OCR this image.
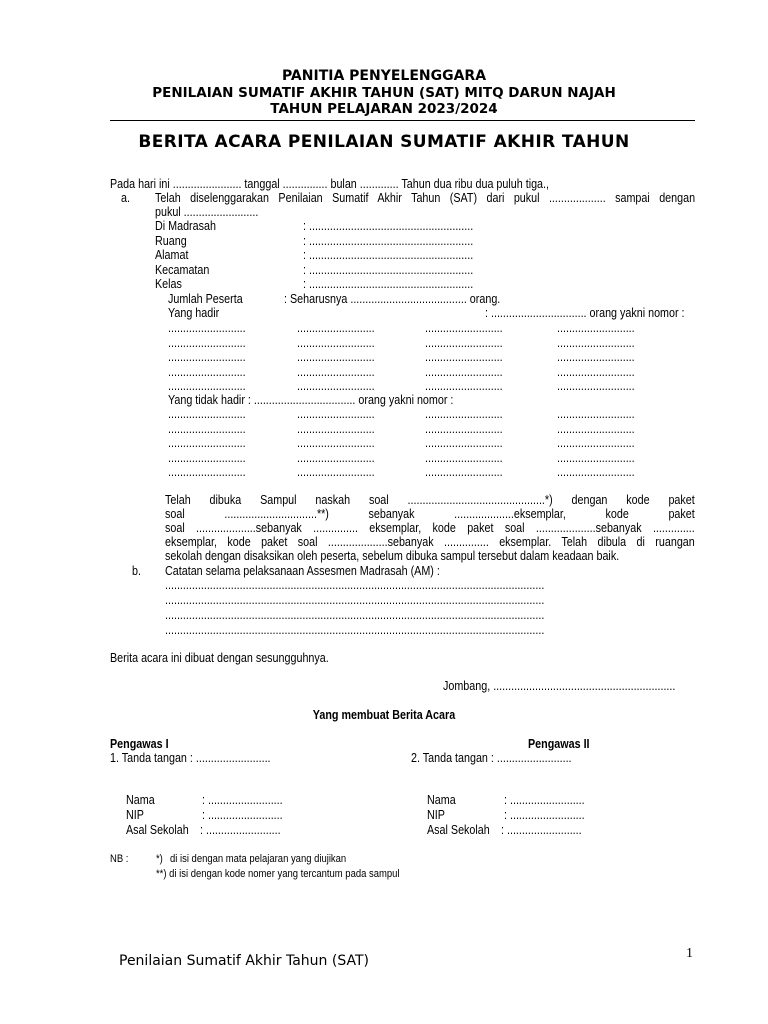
PANITIA PENYELENGGARA
PENILAIAN SUMATIF AKHIR TAHUN (SAT) MITQ DARUN NAJAH
TAHUN PELAJARAN 2023/2024
BERITA ACARA PENILAIAN SUMATIF AKHIR TAHUN
Pada hari ini ....................... tanggal ............... bulan ............. Tahun dua ribu dua puluh tiga.,
a. Telah diselenggarakan Penilaian Sumatif Akhir Tahun (SAT) dari pukul ................... sampai dengan
pukul .........................
Di Madrasah	: .......................................................
Ruang	: .......................................................
Alamat	: .......................................................
Kecamatan	: .......................................................
Kelas	: .......................................................
Jumlah Peserta	: Seharusnya ....................................... orang.
Yang hadir	: ................................ orang yakni nomor :
..........................	..........................	..........................	..........................
..........................	..........................	..........................	..........................
..........................	..........................	..........................	..........................
..........................	..........................	..........................	..........................
..........................	..........................	..........................	..........................
Yang tidak hadir : .................................. orang yakni nomor :
..........................	..........................	..........................	..........................
..........................	..........................	..........................	..........................
..........................	..........................	..........................	..........................
..........................	..........................	..........................	..........................
..........................	..........................	..........................	..........................
Telah dibuka Sampul naskah soal ..............................................*) dengan kode paket
soal ...............................**) sebanyak ....................eksemplar, kode paket
soal ....................sebanyak ............... eksemplar, kode paket soal ....................sebanyak ..............
eksemplar, kode paket soal ....................sebanyak ............... eksemplar. Telah dibula di ruangan
sekolah dengan disaksikan oleh peserta, sebelum dibuka sampul tersebut dalam keadaan baik.
b. Catatan selama pelaksanaan Assesmen Madrasah (AM) :
...............................................................................................................................
...............................................................................................................................
...............................................................................................................................
...............................................................................................................................
Berita acara ini dibuat dengan sesungguhnya.
Jombang, .............................................................
Yang membuat Berita Acara
Pengawas I	Pengawas II
1. Tanda tangan : .........................	2. Tanda tangan : .........................
Nama	: .........................
NIP	: .........................
Asal Sekolah : .........................
Nama	: .........................
NIP	: .........................
Asal Sekolah : .........................
NB :	*) di isi dengan mata pelajaran yang diujikan
**) di isi dengan kode nomer yang tercantum pada sampul
Penilaian Sumatif Akhir Tahun (SAT)	1
